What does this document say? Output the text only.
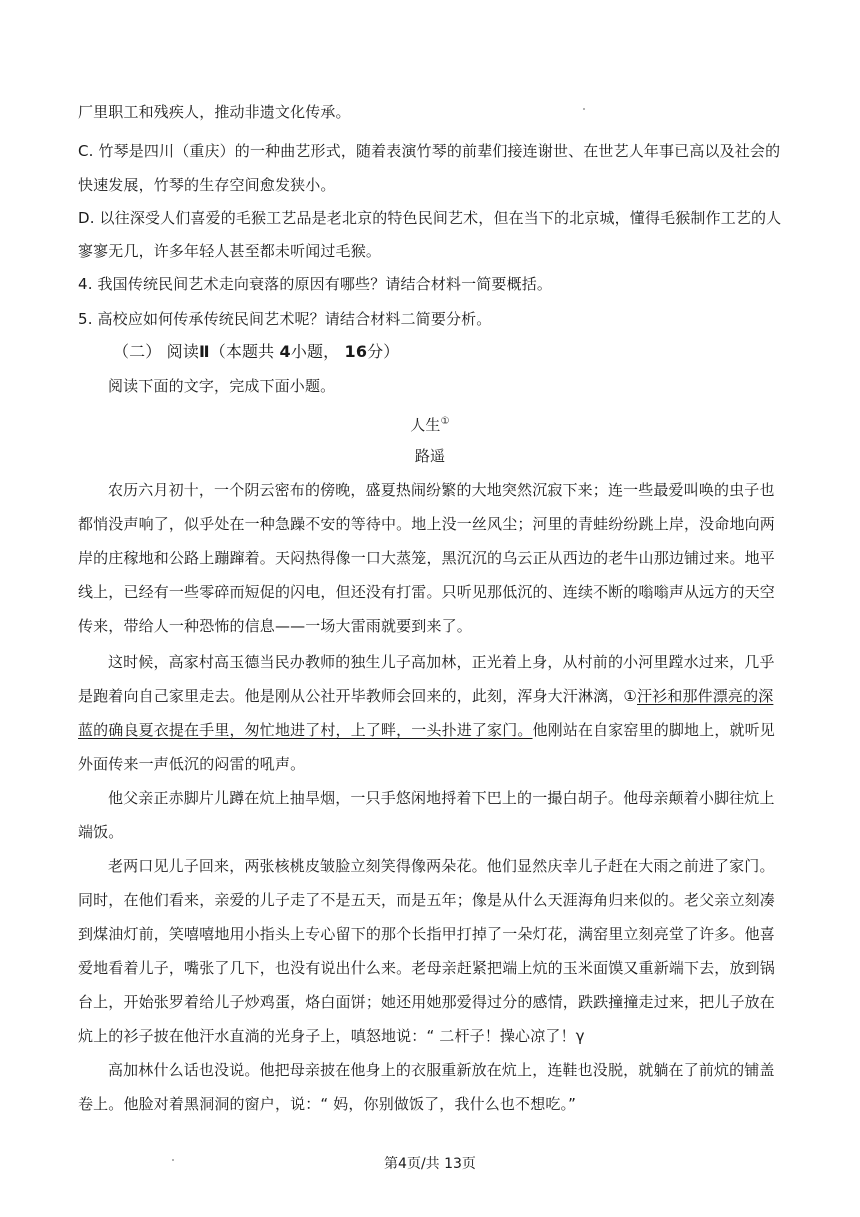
厂里职工和残疾人，推动非遗文化传承。
C. 竹琴是四川（重庆）的一种曲艺形式，随着表演竹琴的前辈们接连谢世、在世艺人年事已高以及社会的
快速发展，竹琴的生存空间愈发狭小。
D. 以往深受人们喜爱的毛猴工艺品是老北京的特色民间艺术，但在当下的北京城，懂得毛猴制作工艺的人
寥寥无几，许多年轻人甚至都未听闻过毛猴。
4. 我国传统民间艺术走向衰落的原因有哪些？请结合材料一简要概括。
5. 高校应如何传承传统民间艺术呢？请结合材料二简要分析。
（二） 阅读Ⅱ（本题共 4小题， 16分）
阅读下面的文字，完成下面小题。
人生①
路遥
农历六月初十，一个阴云密布的傍晚，盛夏热闹纷繁的大地突然沉寂下来；连一些最爱叫唤的虫子也
都悄没声响了，似乎处在一种急躁不安的等待中。地上没一丝风尘；河里的青蛙纷纷跳上岸，没命地向两
岸的庄稼地和公路上蹦蹿着。天闷热得像一口大蒸笼，黑沉沉的乌云正从西边的老牛山那边铺过来。地平
线上，已经有一些零碎而短促的闪电，但还没有打雷。只听见那低沉的、连续不断的嗡嗡声从远方的天空
传来，带给人一种恐怖的信息——一场大雷雨就要到来了。
这时候，高家村高玉德当民办教师的独生儿子高加林，正光着上身，从村前的小河里蹚水过来，几乎
是跑着向自己家里走去。他是刚从公社开毕教师会回来的，此刻，浑身大汗淋漓，①汗衫和那件漂亮的深
蓝的确良夏衣提在手里，匆忙地进了村，上了畔，一头扑进了家门。他刚站在自家窑里的脚地上，就听见
外面传来一声低沉的闷雷的吼声。
他父亲正赤脚片儿蹲在炕上抽旱烟，一只手悠闲地捋着下巴上的一撮白胡子。他母亲颠着小脚往炕上
端饭。
老两口见儿子回来，两张核桃皮皱脸立刻笑得像两朵花。他们显然庆幸儿子赶在大雨之前进了家门。
同时，在他们看来，亲爱的儿子走了不是五天，而是五年；像是从什么天涯海角归来似的。老父亲立刻凑
到煤油灯前，笑嘻嘻地用小指头上专心留下的那个长指甲打掉了一朵灯花，满窑里立刻亮堂了许多。他喜
爱地看着儿子，嘴张了几下，也没有说出什么来。老母亲赶紧把端上炕的玉米面馍又重新端下去，放到锅
台上，开始张罗着给儿子炒鸡蛋，烙白面饼；她还用她那爱得过分的感情，跌跌撞撞走过来，把儿子放在
炕上的衫子披在他汗水直淌的光身子上，嗔怒地说：“ 二杆子！操心凉了！γ
高加林什么话也没说。他把母亲披在他身上的衣服重新放在炕上，连鞋也没脱，就躺在了前炕的铺盖
卷上。他脸对着黑洞洞的窗户，说：“ 妈，你别做饭了，我什么也不想吃。”
第4页/共 13页
